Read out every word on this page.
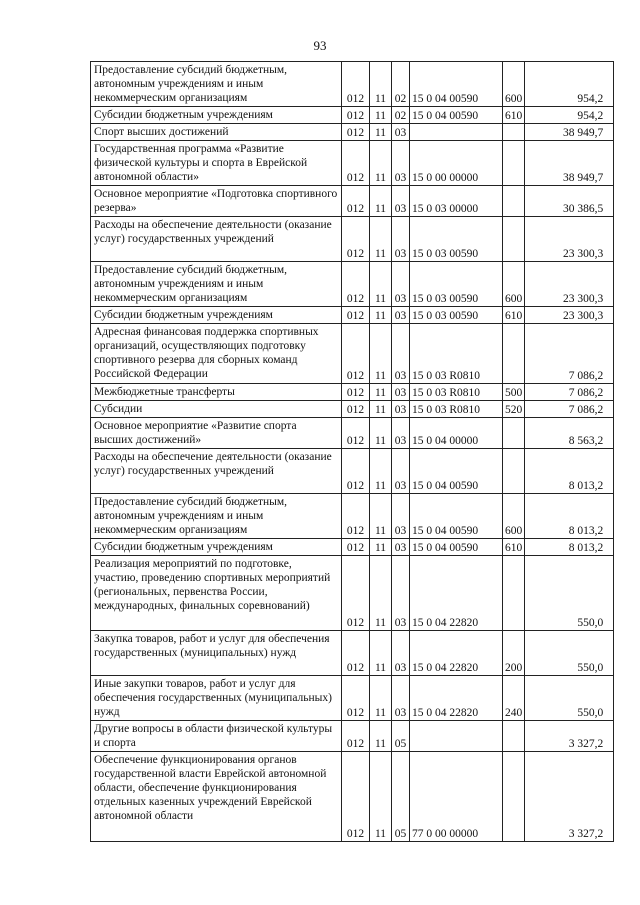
93
Предоставление субсидий бюджетным, автономным учреждениям и иным некоммерческим организациям	012	11	02	15 0 04 00590	600	954,2
Субсидии бюджетным учреждениям	012	11	02	15 0 04 00590	610	954,2
Спорт высших достижений	012	11	03			38 949,7
Государственная программа «Развитие физической культуры и спорта в Еврейской автономной области»	012	11	03	15 0 00 00000		38 949,7
Основное мероприятие «Подготовка спортивного резерва»	012	11	03	15 0 03 00000		30 386,5
Расходы на обеспечение деятельности (оказание услуг) государственных учреждений	012	11	03	15 0 03 00590		23 300,3
Предоставление субсидий бюджетным, автономным учреждениям и иным некоммерческим организациям	012	11	03	15 0 03 00590	600	23 300,3
Субсидии бюджетным учреждениям	012	11	03	15 0 03 00590	610	23 300,3
Адресная финансовая поддержка спортивных организаций, осуществляющих подготовку спортивного резерва для сборных команд Российской Федерации	012	11	03	15 0 03 R0810		7 086,2
Межбюджетные трансферты	012	11	03	15 0 03 R0810	500	7 086,2
Субсидии	012	11	03	15 0 03 R0810	520	7 086,2
Основное мероприятие «Развитие спорта высших достижений»	012	11	03	15 0 04 00000		8 563,2
Расходы на обеспечение деятельности (оказание услуг) государственных учреждений	012	11	03	15 0 04 00590		8 013,2
Предоставление субсидий бюджетным, автономным учреждениям и иным некоммерческим организациям	012	11	03	15 0 04 00590	600	8 013,2
Субсидии бюджетным учреждениям	012	11	03	15 0 04 00590	610	8 013,2
Реализация мероприятий по подготовке, участию, проведению спортивных мероприятий (региональных, первенства России, международных, финальных соревнований)	012	11	03	15 0 04 22820		550,0
Закупка товаров, работ и услуг для обеспечения государственных (муниципальных) нужд	012	11	03	15 0 04 22820	200	550,0
Иные закупки товаров, работ и услуг для обеспечения государственных (муниципальных) нужд	012	11	03	15 0 04 22820	240	550,0
Другие вопросы в области физической культуры и спорта	012	11	05			3 327,2
Обеспечение функционирования органов государственной власти Еврейской автономной области, обеспечение функционирования отдельных казенных учреждений Еврейской автономной области	012	11	05	77 0 00 00000		3 327,2
